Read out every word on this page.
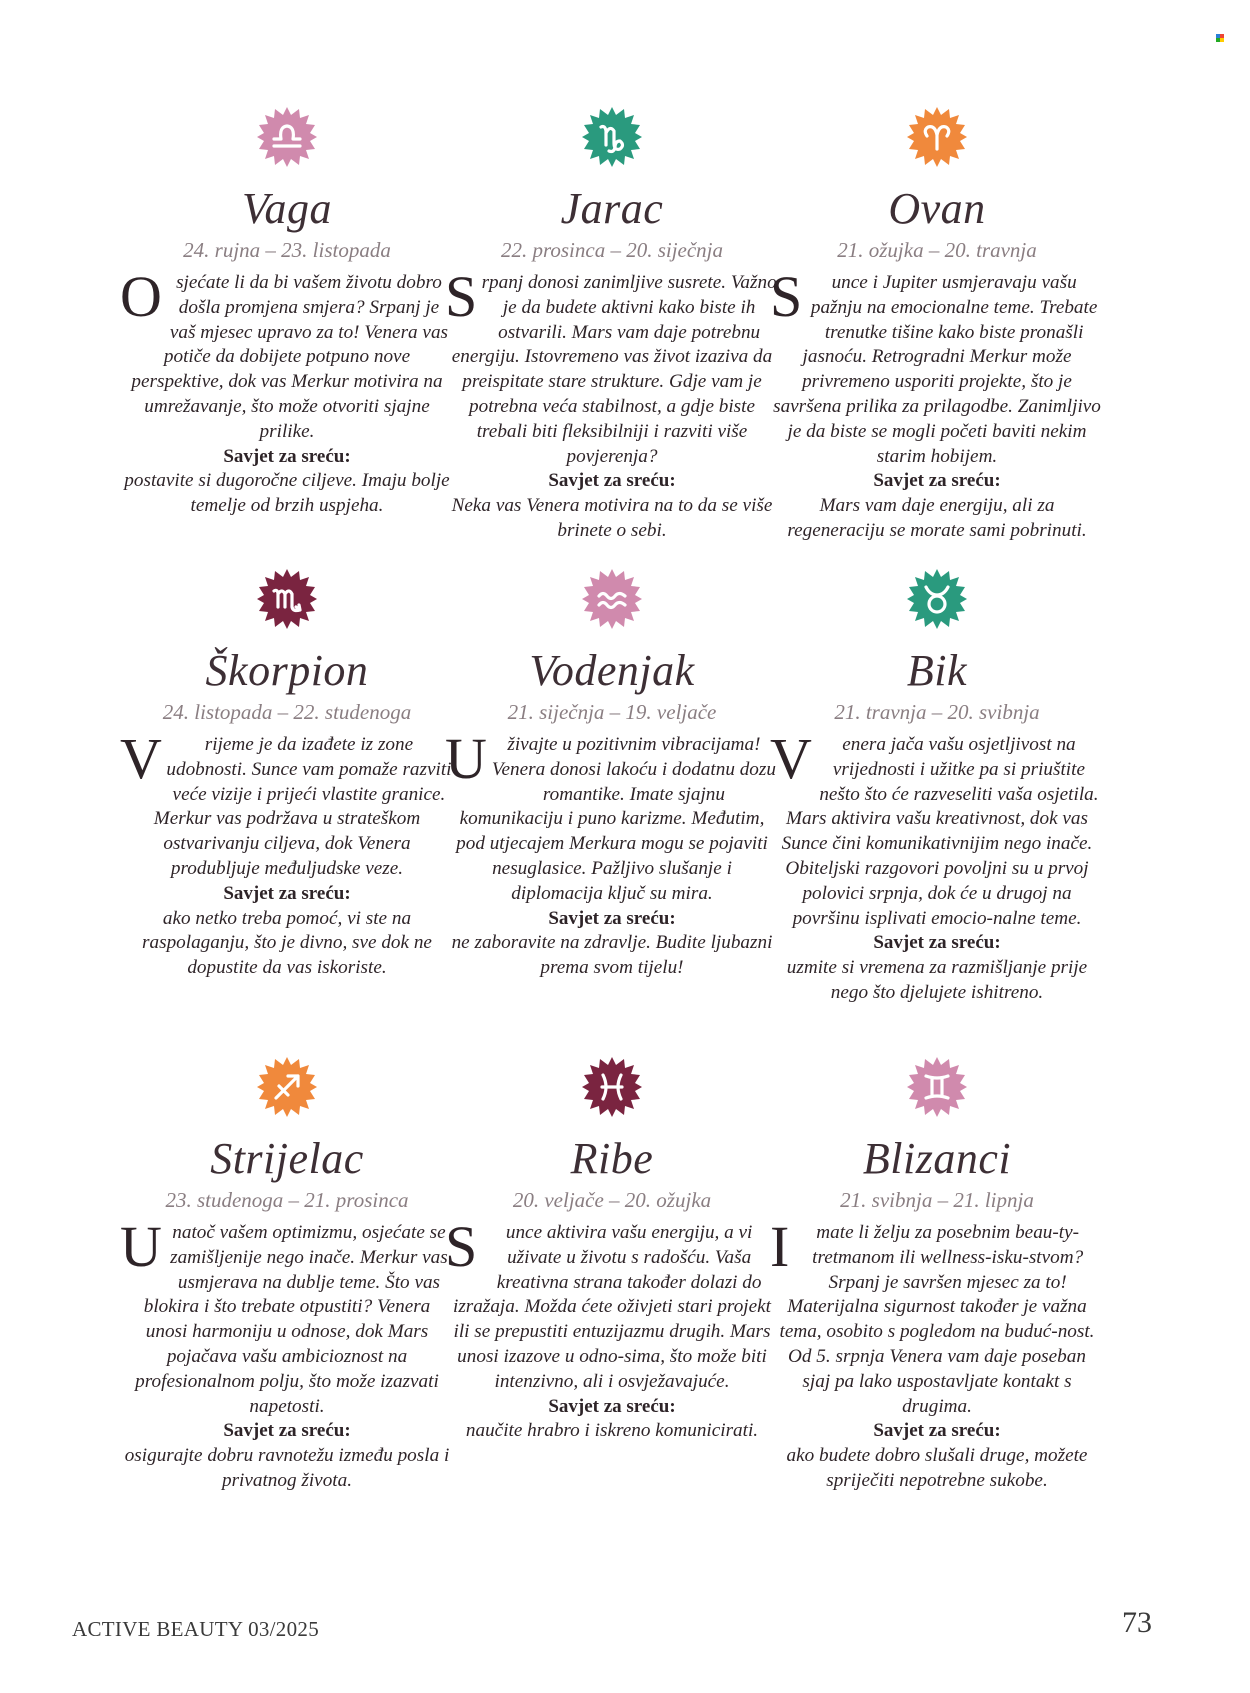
Vaga
24. rujna – 23. listopada
Osjećate li da bi vašem životu dobro došla promjena smjera? Srpanj je vaš mjesec upravo za to! Venera vas potiče da dobijete potpuno nove perspektive, dok vas Merkur motivira na umrežavanje, što može otvoriti sjajne prilike.
Savjet za sreću:
postavite si dugoročne ciljeve. Imaju bolje temelje od brzih uspjeha.
Jarac
22. prosinca – 20. siječnja
Srpanj donosi zanimljive susrete. Važno je da budete aktivni kako biste ih ostvarili. Mars vam daje potrebnu energiju. Istovremeno vas život izaziva da preispitate stare strukture. Gdje vam je potrebna veća stabilnost, a gdje biste trebali biti fleksibilniji i razviti više povjerenja?
Savjet za sreću:
Neka vas Venera motivira na to da se više brinete o sebi.
Ovan
21. ožujka – 20. travnja
S unce i Jupiter usmjeravaju vašu pažnju na emocionalne teme. Trebate trenutke tišine kako biste pronašli jasnoću. Retrogradni Merkur može privremeno usporiti projekte, što je savršena prilika za prilagodbe. Zanimljivo je da biste se mogli početi baviti nekim starim hobijem.
Savjet za sreću:
Mars vam daje energiju, ali za regeneraciju se morate sami pobrinuti.
Škorpion
24. listopada – 22. studenoga
V rijeme je da izađete iz zone udobnosti. Sunce vam pomaže razviti veće vizije i prijeći vlastite granice. Merkur vas podržava u strateškom ostvarivanju ciljeva, dok Venera produbljuje međuljudske veze.
Savjet za sreću:
ako netko treba pomoć, vi ste na raspolaganju, što je divno, sve dok ne dopustite da vas iskoriste.
Vodenjak
21. siječnja – 19. veljače
U živajte u pozitivnim vibracijama! Venera donosi lakoću i dodatnu dozu romantike. Imate sjajnu komunikaciju i puno karizme. Međutim, pod utjecajem Merkura mogu se pojaviti nesuglasice. Pažljivo slušanje i diplomacija ključ su mira.
Savjet za sreću:
ne zaboravite na zdravlje. Budite ljubazni prema svom tijelu!
Bik
21. travnja – 20. svibnja
V enera jača vašu osjetljivost na vrijednosti i užitke pa si priuštite nešto što će razveseliti vaša osjetila. Mars aktivira vašu kreativnost, dok vas Sunce čini komunikativnijim nego inače. Obiteljski razgovori povoljni su u prvoj polovici srpnja, dok će u drugoj na površinu isplivati emocio-nalne teme.
Savjet za sreću:
uzmite si vremena za razmišljanje prije nego što djelujete ishitreno.
Strijelac
23. studenoga – 21. prosinca
Unatoč vašem optimizmu, osjećate se zamišljenije nego inače. Merkur vas usmjerava na dublje teme. Što vas blokira i što trebate otpustiti? Venera unosi harmoniju u odnose, dok Mars pojačava vašu ambicioznost na profesionalnom polju, što može izazvati napetosti.
Savjet za sreću:
osigurajte dobru ravnotežu između posla i privatnog života.
Ribe
20. veljače – 20. ožujka
S unce aktivira vašu energiju, a vi uživate u životu s radošću. Vaša kreativna strana također dolazi do izražaja. Možda ćete oživjeti stari projekt ili se prepustiti entuzijazmu drugih. Mars unosi izazove u odno-sima, što može biti intenzivno, ali i osvježavajuće.
Savjet za sreću:
naučite hrabro i iskreno komunicirati.
Blizanci
21. svibnja – 21. lipnja
I mate li želju za posebnim beau-ty-tretmanom ili wellness-isku-stvom? Srpanj je savršen mjesec za to! Materijalna sigurnost također je važna tema, osobito s pogledom na buduć-nost. Od 5. srpnja Venera vam daje poseban sjaj pa lako uspostavljate kontakt s drugima.
Savjet za sreću:
ako budete dobro slušali druge, možete spriječiti nepotrebne sukobe.
ACTIVE BEAUTY 03/2025	73
